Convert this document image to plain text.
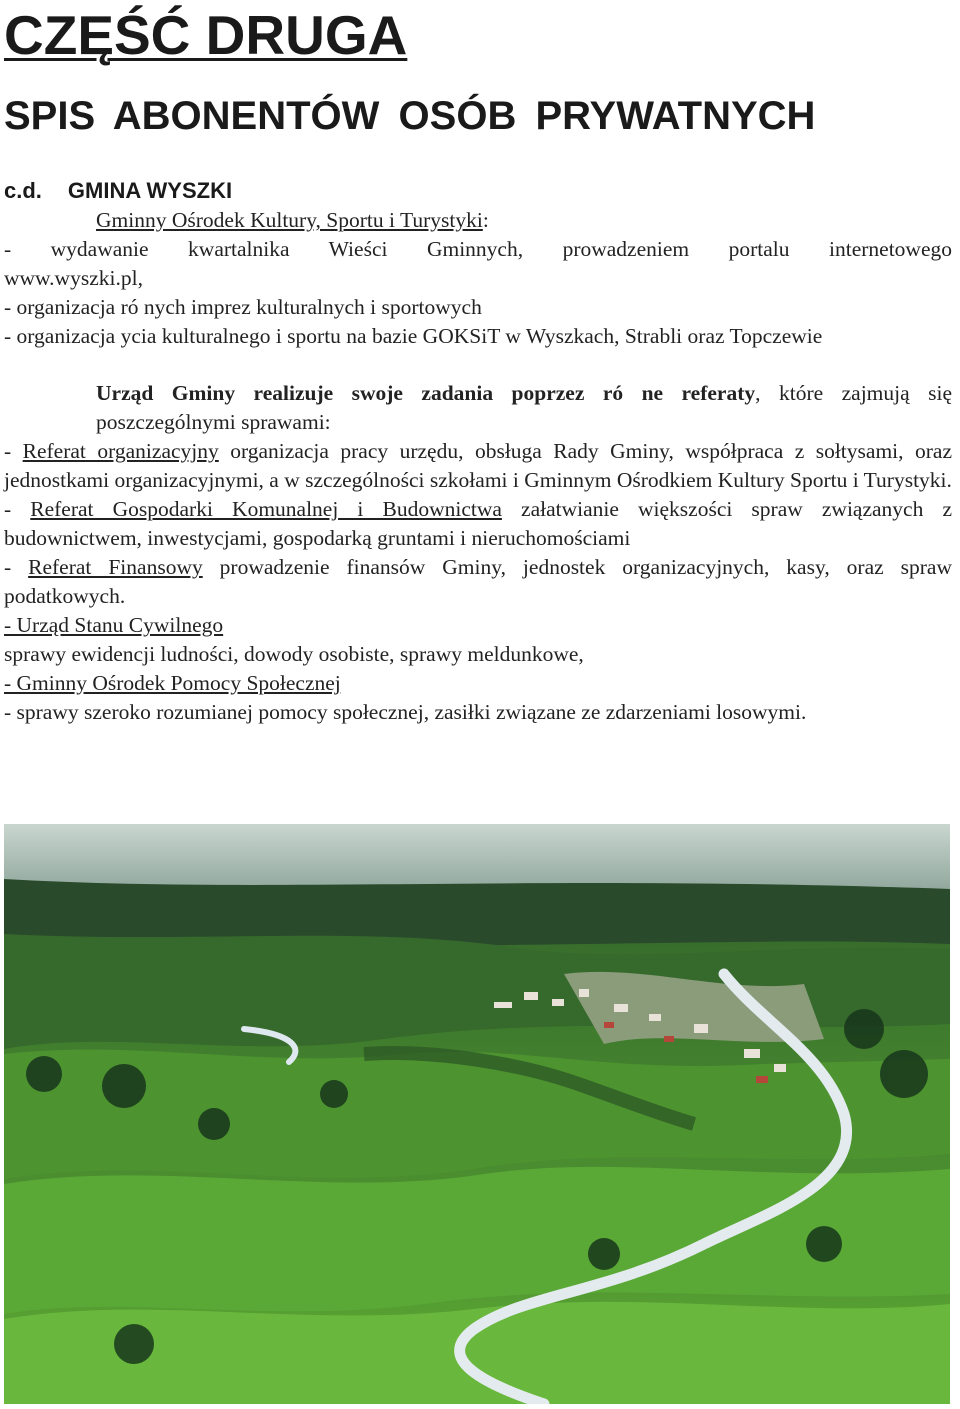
CZĘŚĆ DRUGA
SPIS ABONENTÓW OSÓB PRYWATNYCH
c.d. GMINA WYSZKI

Gminny Ośrodek Kultury, Sportu i Turystyki:

- wydawanie kwartalnika Wieści Gminnych, prowadzeniem portalu internetowego

www.wyszki.pl,

- organizacja ró nych imprez kulturalnych i sportowych

- organizacja ycia kulturalnego i sportu na bazie GOKSiT w Wyszkach, Strabli oraz Topczewie

Urząd Gminy realizuje swoje zadania poprzez ró ne referaty, które zajmują się poszczególnymi sprawami:

- Referat organizacyjny organizacja pracy urzędu, obsługa Rady Gminy, współpraca z sołtysami, oraz jednostkami organizacyjnymi, a w szczególności szkołami i Gminnym Ośrodkiem Kultury Sportu i Turystyki.

- Referat Gospodarki Komunalnej i Budownictwa załatwianie większości spraw związanych z budownictwem, inwestycjami, gospodarką gruntami i nieruchomościami

- Referat Finansowy prowadzenie finansów Gminy, jednostek organizacyjnych, kasy, oraz spraw podatkowych.

- Urząd Stanu Cywilnego

sprawy ewidencji ludności, dowody osobiste, sprawy meldunkowe,

- Gminny Ośrodek Pomocy Społecznej

- sprawy szeroko rozumianej pomocy społecznej, zasiłki związane ze zdarzeniami losowymi.
